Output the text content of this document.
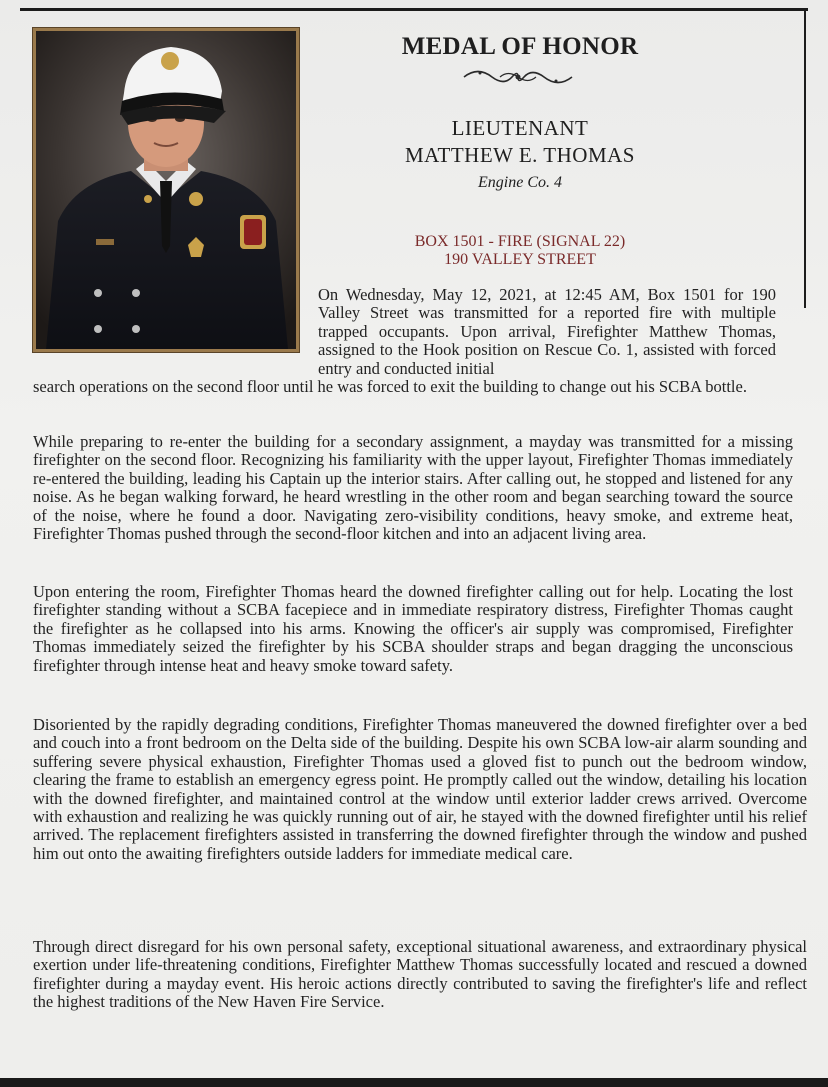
MEDAL OF HONOR
LIEUTENANT
MATTHEW E. THOMAS
Engine Co. 4
BOX 1501 - FIRE (SIGNAL 22)
190 VALLEY STREET
On Wednesday, May 12, 2021, at 12:45 AM, Box 1501 for 190 Valley Street was transmitted for a reported fire with multiple trapped occupants. Upon arrival, Firefighter Matthew Thomas, assigned to the Hook position on Rescue Co. 1, assisted with forced entry and conducted initial
search operations on the second floor until he was forced to exit the building to change out his SCBA bottle.
While preparing to re-enter the building for a secondary assignment, a mayday was transmitted for a missing firefighter on the second floor. Recognizing his familiarity with the upper layout, Firefighter Thomas immediately re-entered the building, leading his Captain up the interior stairs. After calling out, he stopped and listened for any noise. As he began walking forward, he heard wrestling in the other room and began searching toward the source of the noise, where he found a door. Navigating zero-visibility conditions, heavy smoke, and extreme heat, Firefighter Thomas pushed through the second-floor kitchen and into an adjacent living area.
Upon entering the room, Firefighter Thomas heard the downed firefighter calling out for help. Locating the lost firefighter standing without a SCBA facepiece and in immediate respiratory distress, Firefighter Thomas caught the firefighter as he collapsed into his arms. Knowing the officer's air supply was compromised, Firefighter Thomas immediately seized the firefighter by his SCBA shoulder straps and began dragging the unconscious firefighter through intense heat and heavy smoke toward safety.
Disoriented by the rapidly degrading conditions, Firefighter Thomas maneuvered the downed firefighter over a bed and couch into a front bedroom on the Delta side of the building. Despite his own SCBA low-air alarm sounding and suffering severe physical exhaustion, Firefighter Thomas used a gloved fist to punch out the bedroom window, clearing the frame to establish an emergency egress point. He promptly called out the window, detailing his location with the downed firefighter, and maintained control at the window until exterior ladder crews arrived. Overcome with exhaustion and realizing he was quickly running out of air, he stayed with the downed firefighter until his relief arrived. The replacement firefighters assisted in transferring the downed firefighter through the window and pushed him out onto the awaiting firefighters outside ladders for immediate medical care.
Through direct disregard for his own personal safety, exceptional situational awareness, and extraordinary physical exertion under life-threatening conditions, Firefighter Matthew Thomas successfully located and rescued a downed firefighter during a mayday event. His heroic actions directly contributed to saving the firefighter's life and reflect the highest traditions of the New Haven Fire Service.
